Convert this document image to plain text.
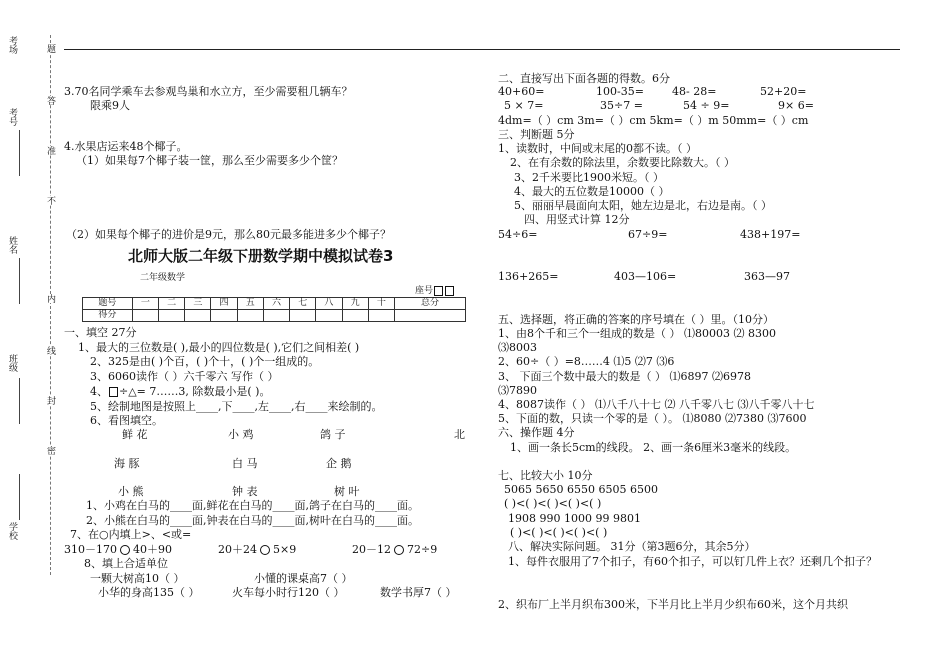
考场
考号
姓名
班级
学校
题
答
准
不
内
线
封
密
3.70名同学乘车去参观鸟巢和水立方，至少需要租几辆车？
限乘9人
4.水果店运来48个椰子。
（1）如果每7个椰子装一筐，那么至少需要多少个筐？
（2）如果每个椰子的进价是9元，那么80元最多能进多少个椰子？
北师大版二年级下册数学期中模拟试卷3
二年级数学
座号
题号	一	二	三	四	五	六	七	八	九	十	总分
得分											
一、填空 27分
1、最大的三位数是( ),最小的四位数是( ),它们之间相差( )
2、325是由( )个百，( )个十，( )个一组成的。
3、6060读作（ ）六千零六 写作（ ）
4、 ÷△= 7……3, 除数最小是( )。
5、绘制地图是按照上____,下____,左____,右____来绘制的。
6、看图填空。
鲜 花	小 鸡	鸽 子	北
海 豚	白 马	企 鹅
小 熊	钟 表	树 叶
1、小鸡在白马的____面,鲜花在白马的____面,鸽子在白马的____面。
2、小熊在白马的____面,钟表在白马的____面,树叶在白马的____面。
7、在○内填上>、<或=
310－170 40＋90	20＋24 5×9	20－12 72÷9
8、填上合适单位
一颗大树高10（ ）	小懂的课桌高7（ ）
小华的身高135（ ）	火车每小时行120（ ）	数学书厚7（ ）
二、直接写出下面各题的得数。6分
40+60=	100-35=	48- 28=	52+20=
5 × 7=	35÷7 =	54 ÷ 9=	9× 6=
4dm=（ ）cm 3m=（ ）cm 5km=（ ）m 50mm=（ ）cm
三、判断题 5分
1、读数时，中间或末尾的0都不读。（ ）
2、在有余数的除法里，余数要比除数大。（ ）
3、2千米要比1900米短。（ ）
4、最大的五位数是10000（ ）
5、丽丽早晨面向太阳，她左边是北，右边是南。（ ）
四、用竖式计算 12分
54÷6=	67÷9=	438+197=
136+265=	403—106=	363—97
五、选择题，将正确的答案的序号填在（ ）里。（10分）
1、由8个千和三个一组成的数是（ ） ⑴80003 ⑵ 8300
⑶8003
2、60÷（ ）=8……4 ⑴5 ⑵7 ⑶6
3、 下面三个数中最大的数是（ ） ⑴6897 ⑵6978
⑶7890
4、8087读作（ ） ⑴八千八十七 ⑵ 八千零八七 ⑶八千零八十七
5、下面的数，只读一个零的是（ ）。 ⑴8080 ⑵7380 ⑶7600
六、操作题 4分
1、画一条长5cm的线段。 2、画一条6厘米3毫米的线段。
七、比较大小 10分
5065 5650 6550 6505 6500
( )<( )<( )<( )<( )
1908 990 1000 99 9801
( )<( )<( )<( )<( )
八、解决实际问题。 31分（第3题6分，其余5分）
1、每件衣服用了7个扣子，有60个扣子，可以钉几件上衣？还剩几个扣子？
2、织布厂上半月织布300米，下半月比上半月少织布60米，这个月共织
